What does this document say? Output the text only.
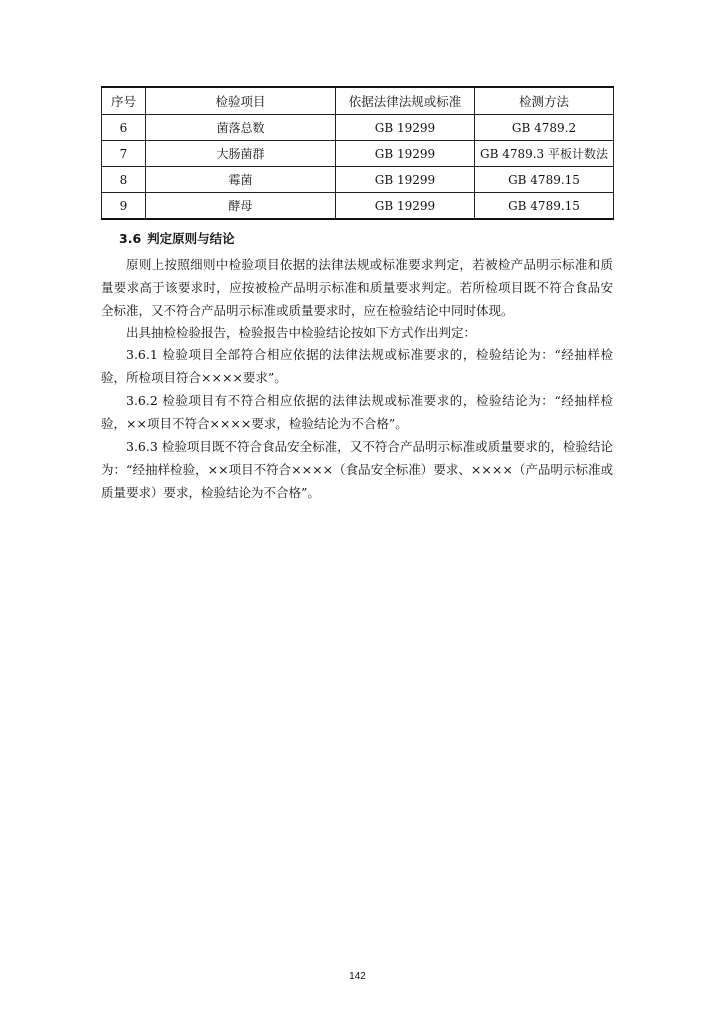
序号	检验项目	依据法律法规或标准	检测方法
6	菌落总数	GB 19299	GB 4789.2
7	大肠菌群	GB 19299	GB 4789.3 平板计数法
8	霉菌	GB 19299	GB 4789.15
9	酵母	GB 19299	GB 4789.15
3.6 判定原则与结论

原则上按照细则中检验项目依据的法律法规或标准要求判定，若被检产品明示标准和质量要求高于该要求时，应按被检产品明示标准和质量要求判定。若所检项目既不符合食品安全标准，又不符合产品明示标准或质量要求时，应在检验结论中同时体现。

出具抽检检验报告，检验报告中检验结论按如下方式作出判定：

3.6.1 检验项目全部符合相应依据的法律法规或标准要求的，检验结论为：“经抽样检验，所检项目符合××××要求”。

3.6.2 检验项目有不符合相应依据的法律法规或标准要求的，检验结论为：“经抽样检验，××项目不符合××××要求，检验结论为不合格”。

3.6.3 检验项目既不符合食品安全标准，又不符合产品明示标准或质量要求的，检验结论为：“经抽样检验，××项目不符合××××（食品安全标准）要求、××××（产品明示标准或质量要求）要求，检验结论为不合格”。

142
